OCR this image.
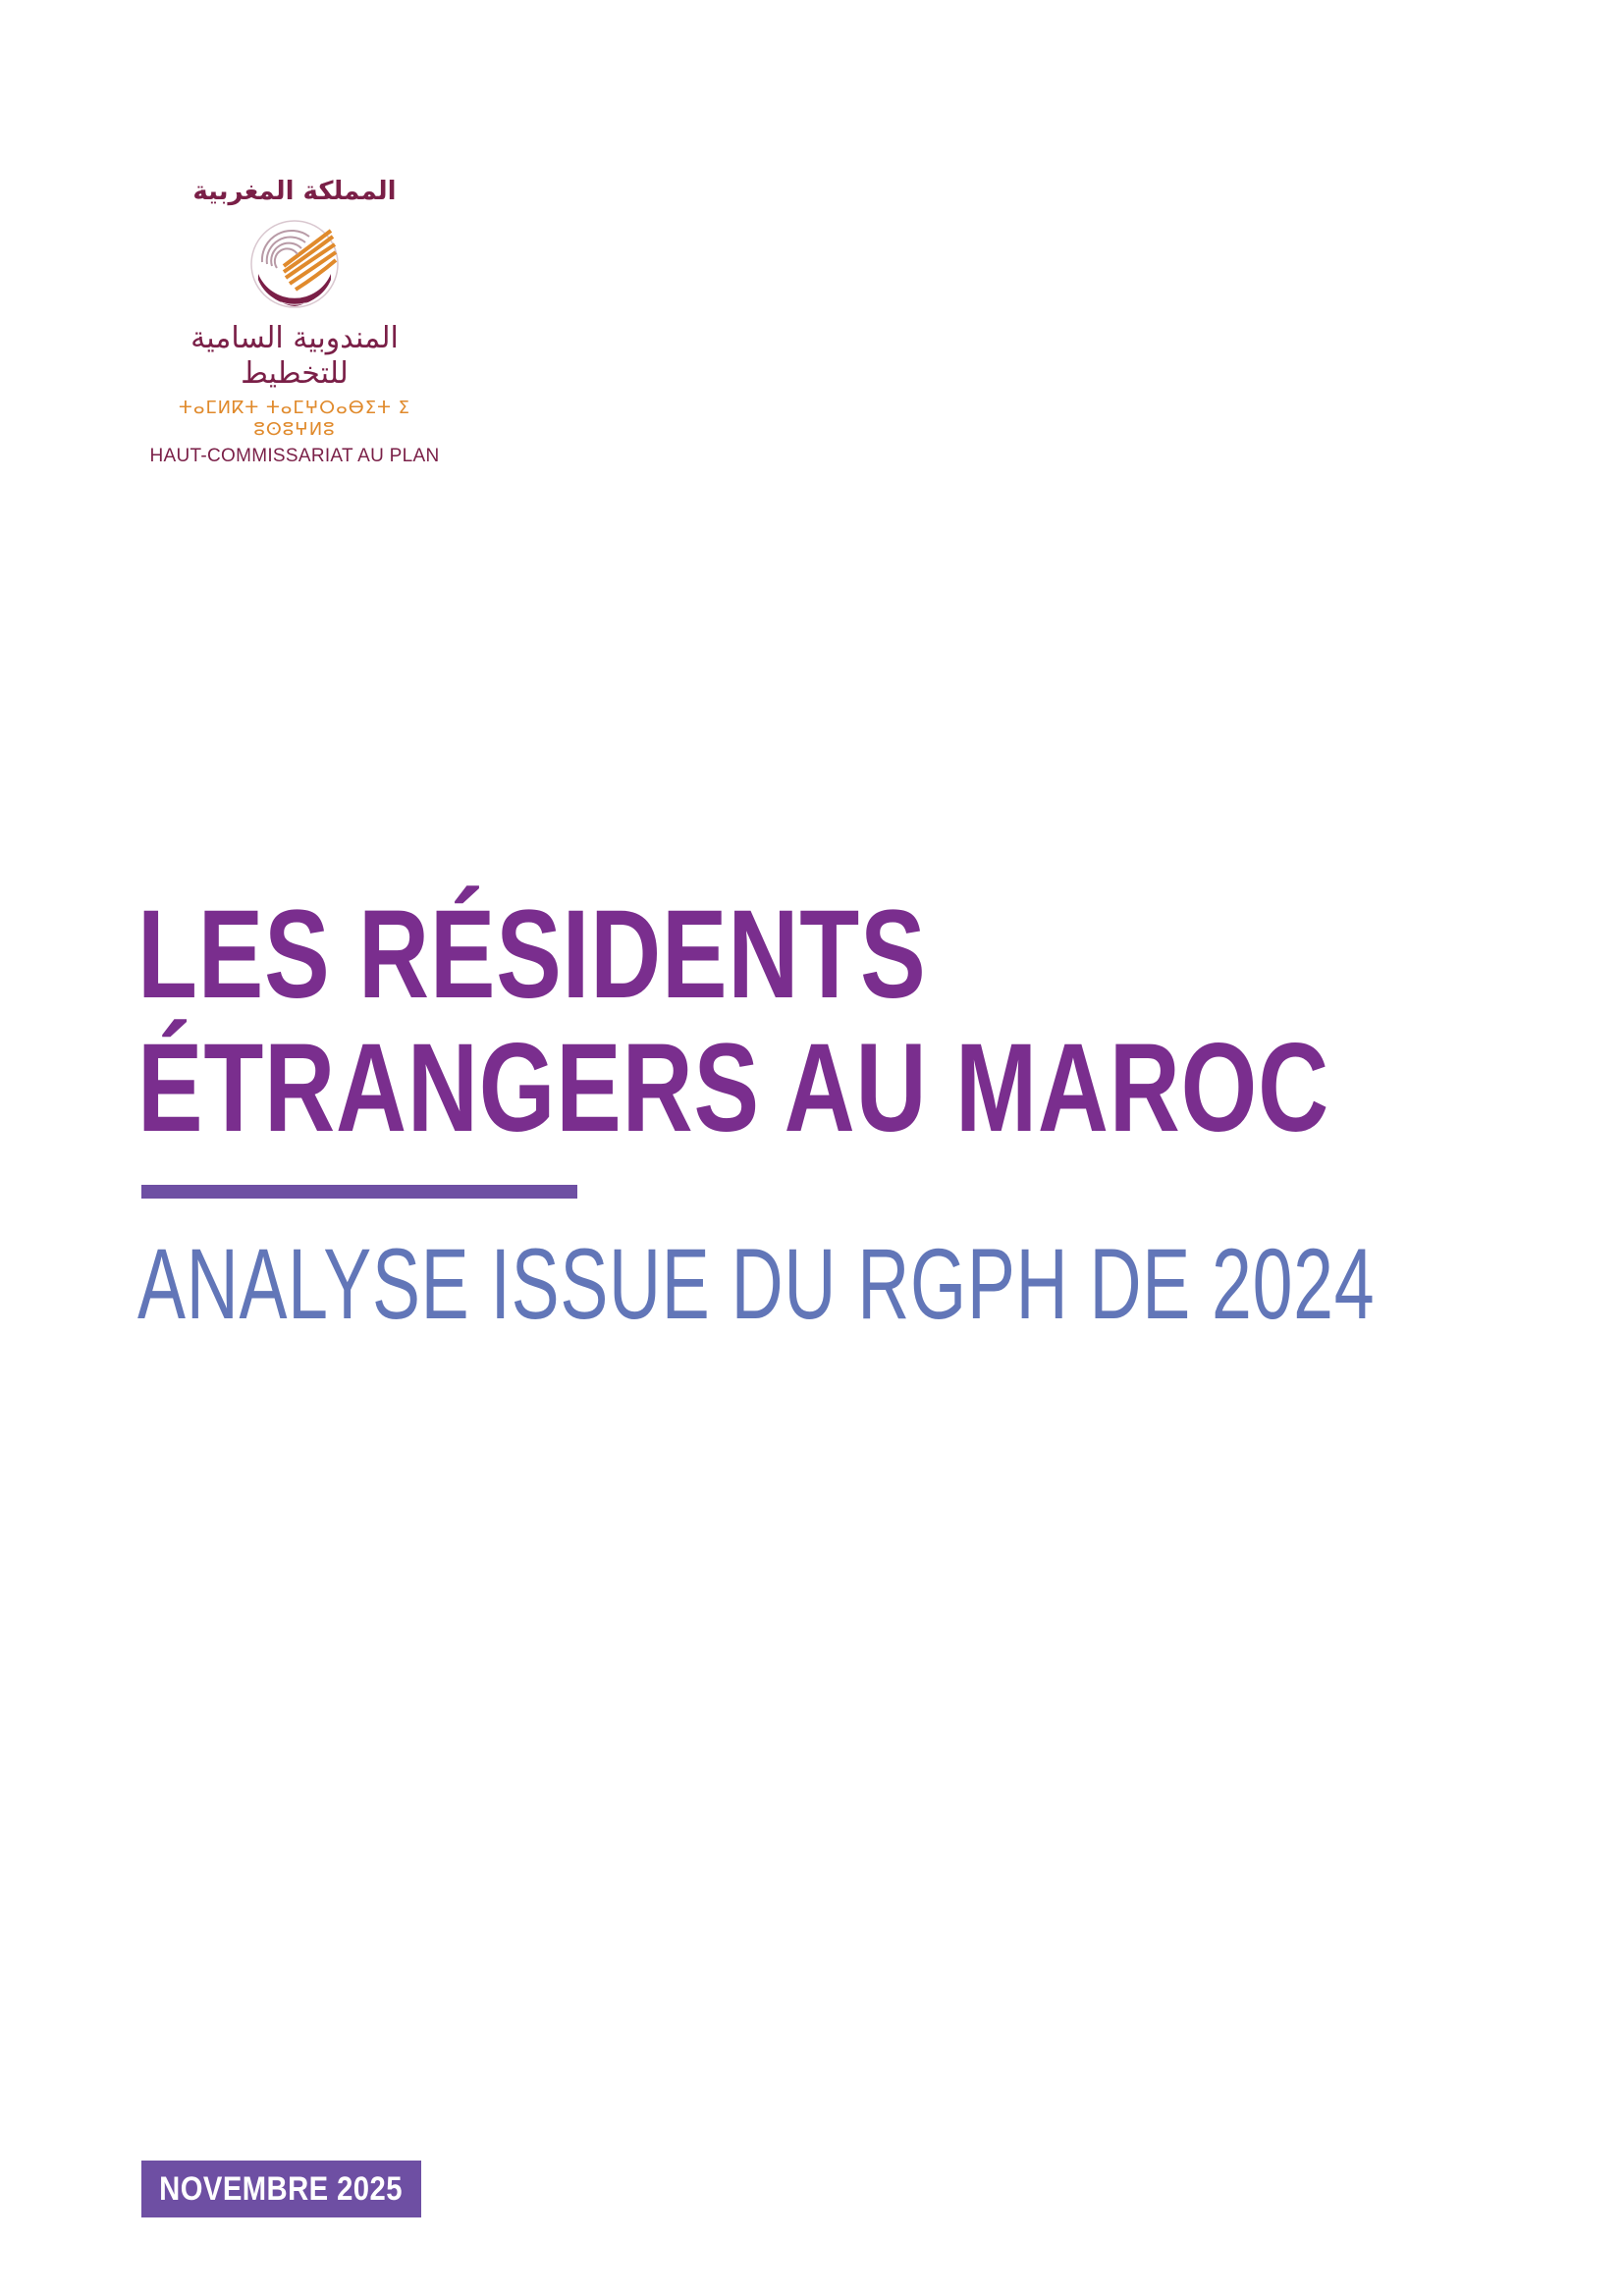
المملكة المغربية
المندوبية السامية للتخطيط
ⵜⴰⵎⵍⴽⵜ ⵜⴰⵎⵖⵔⴰⴱⵉⵜ ⵉ ⵓⵙⵓⵖⵍⵓ
HAUT-COMMISSARIAT AU PLAN
LES RÉSIDENTS
ÉTRANGERS AU MAROC
ANALYSE ISSUE DU RGPH DE 2024
NOVEMBRE 2025
